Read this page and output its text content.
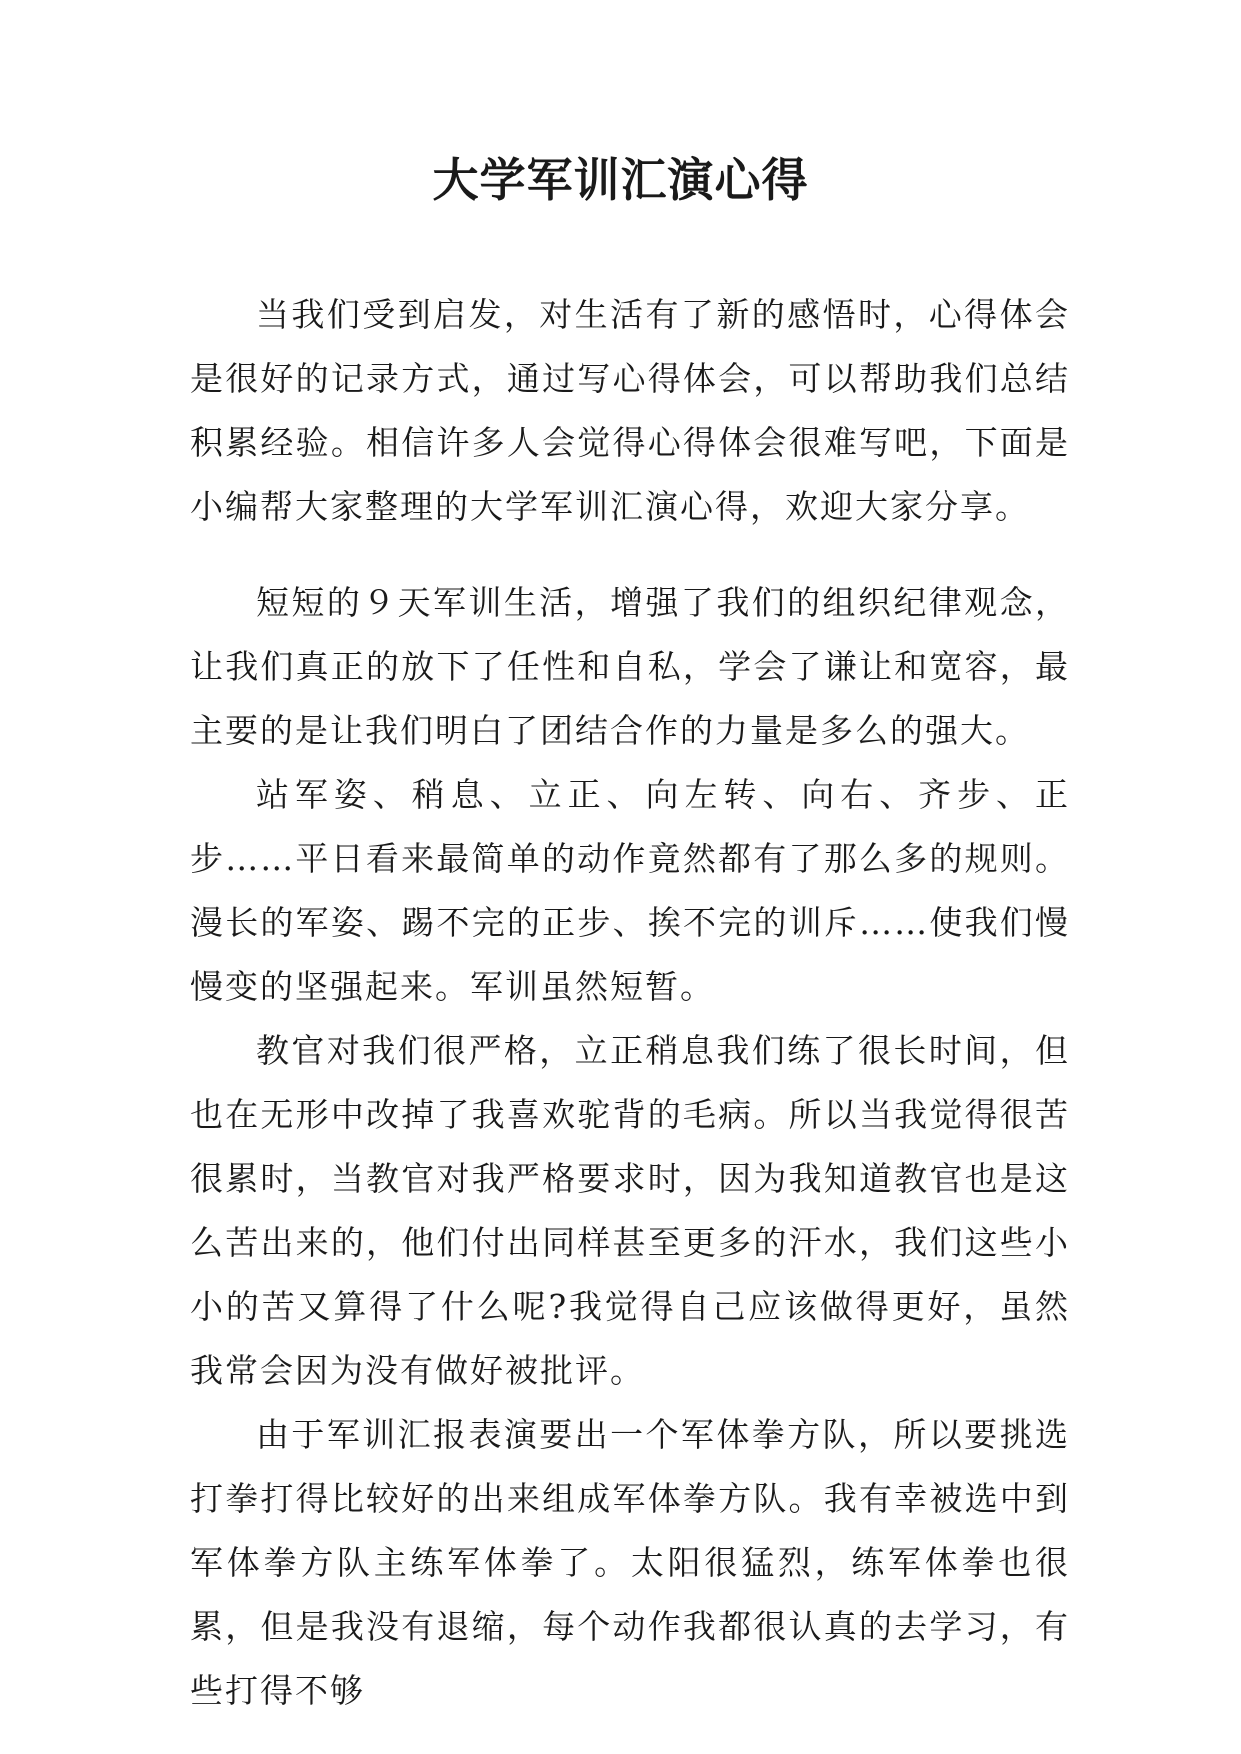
大学军训汇演心得

当我们受到启发，对生活有了新的感悟时，心得体会是很好的记录方式，通过写心得体会，可以帮助我们总结积累经验。相信许多人会觉得心得体会很难写吧，下面是小编帮大家整理的大学军训汇演心得，欢迎大家分享。

短短的９天军训生活，增强了我们的组织纪律观念，让我们真正的放下了任性和自私，学会了谦让和宽容，最主要的是让我们明白了团结合作的力量是多么的强大。

站军姿、稍息、立正、向左转、向右、齐步、正步……平日看来最简单的动作竟然都有了那么多的规则。漫长的军姿、踢不完的正步、挨不完的训斥……使我们慢慢变的坚强起来。军训虽然短暂。

教官对我们很严格，立正稍息我们练了很长时间，但也在无形中改掉了我喜欢驼背的毛病。所以当我觉得很苦很累时，当教官对我严格要求时，因为我知道教官也是这么苦出来的，他们付出同样甚至更多的汗水，我们这些小小的苦又算得了什么呢?我觉得自己应该做得更好，虽然我常会因为没有做好被批评。

由于军训汇报表演要出一个军体拳方队，所以要挑选打拳打得比较好的出来组成军体拳方队。我有幸被选中到军体拳方队主练军体拳了。太阳很猛烈，练军体拳也很累，但是我没有退缩，每个动作我都很认真的去学习，有些打得不够
